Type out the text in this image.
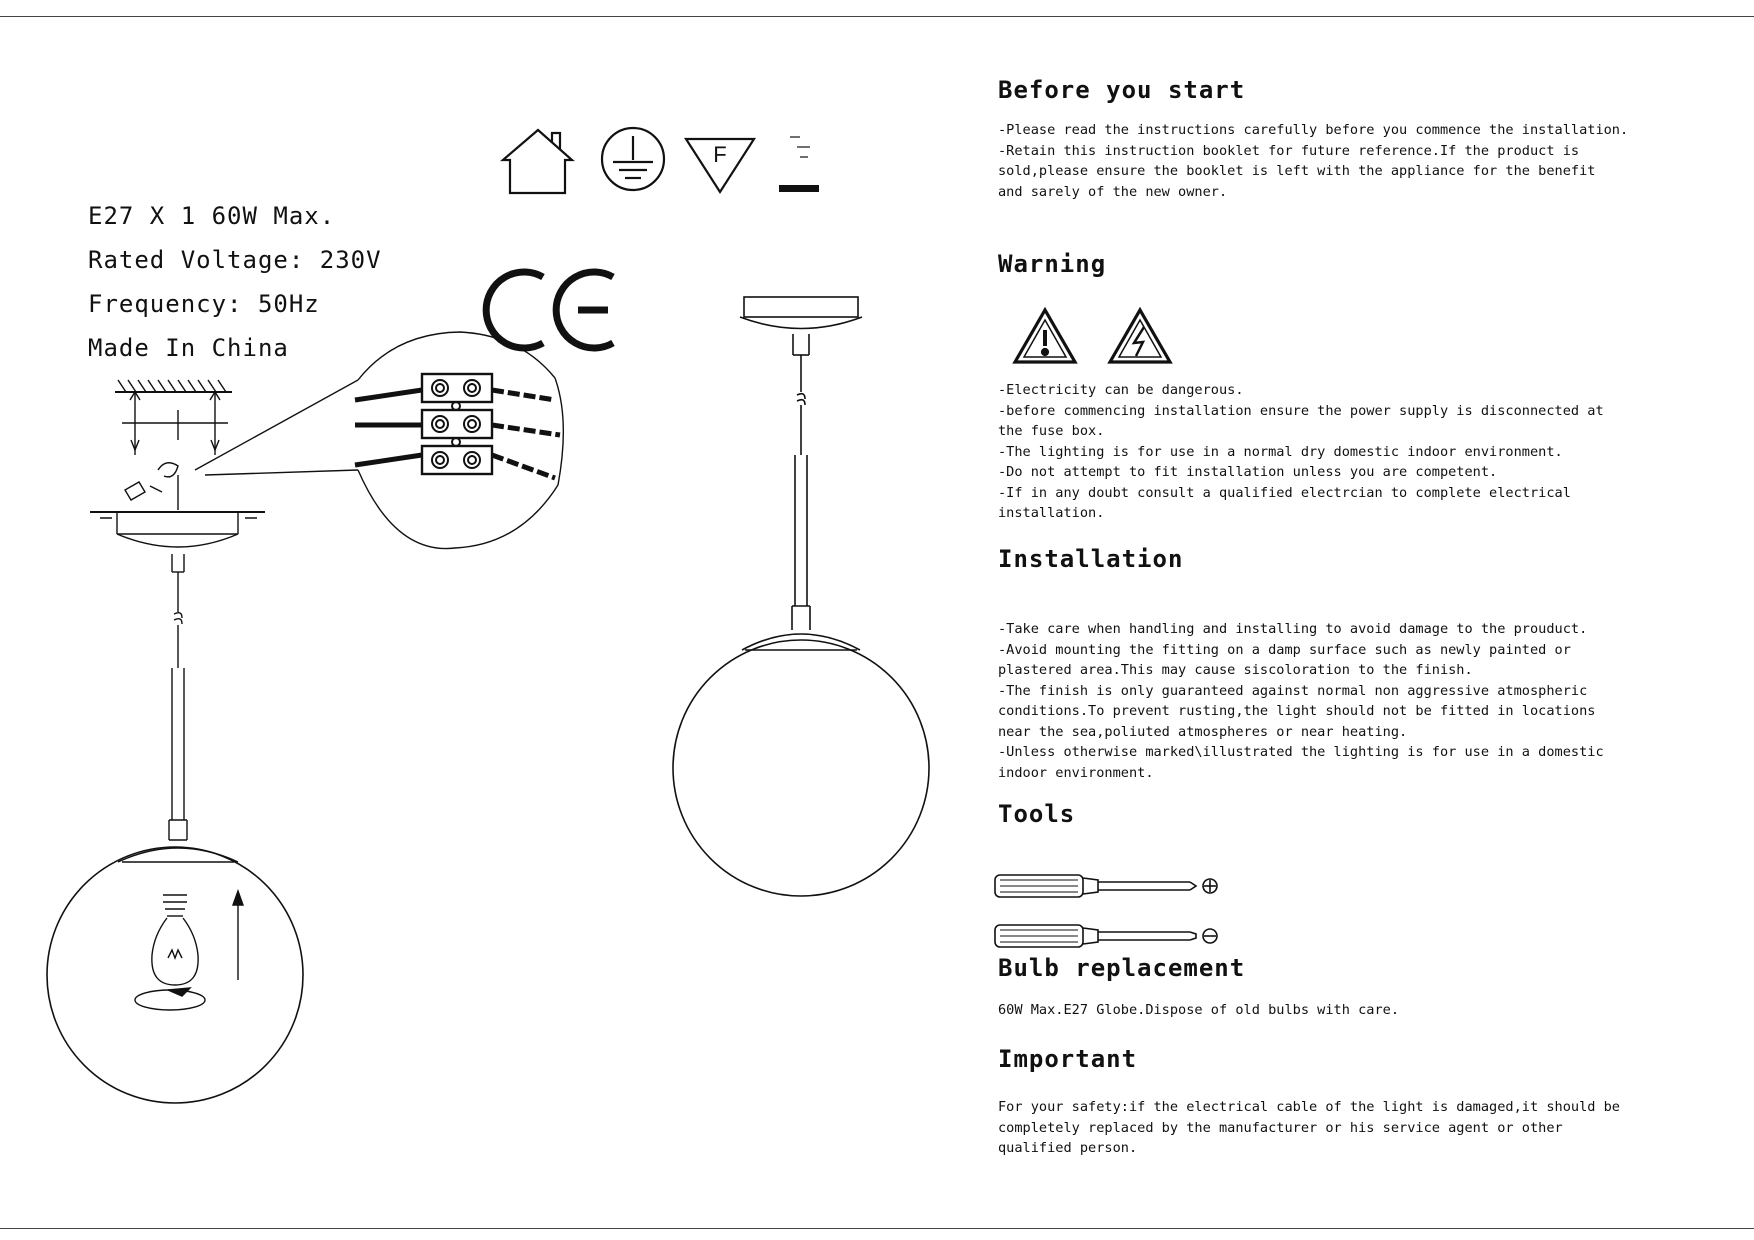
F
E27 X 1 60W Max.
Rated Voltage: 230V
Frequency: 50Hz
Made In China
Before you start

-Please read the instructions carefully before you commence the installation.
-Retain this instruction booklet for future reference.If the product is
sold,please ensure the booklet is left with the appliance for the benefit
and sarely of the new owner.

Warning

-Electricity can be dangerous.
-before commencing installation ensure the power supply is disconnected at
the fuse box.
-The lighting is for use in a normal dry domestic indoor environment.
-Do not attempt to fit installation unless you are competent.
-If in any doubt consult a qualified electrcian to complete electrical
installation.

Installation

-Take care when handling and installing to avoid damage to the prouduct.
-Avoid mounting the fitting on a damp surface such as newly painted or
plastered area.This may cause siscoloration to the finish.
-The finish is only guaranteed against normal non aggressive atmospheric
conditions.To prevent rusting,the light should not be fitted in locations
near the sea,poliuted atmospheres or near heating.
-Unless otherwise marked\illustrated the lighting is for use in a domestic
indoor environment.

Tools
Bulb replacement

60W Max.E27 Globe.Dispose of old bulbs with care.

Important

For your safety:if the electrical cable of the light is damaged,it should be
completely replaced by the manufacturer or his service agent or other
qualified person.
